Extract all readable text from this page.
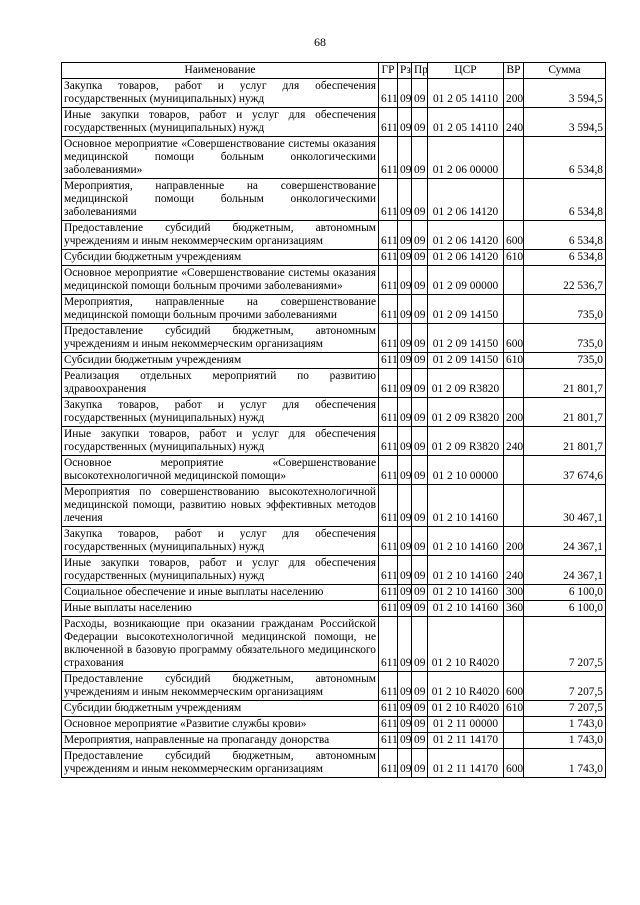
68
Наименование	ГР	Рз	Пр	ЦСР	ВР	Сумма
Закупка товаров, работ и услуг для обеспечения государственных (муниципальных) нужд	611	09	09	01 2 05 14110	200	3 594,5
Иные закупки товаров, работ и услуг для обеспечения государственных (муниципальных) нужд	611	09	09	01 2 05 14110	240	3 594,5
Основное мероприятие «Совершенствование системы оказания медицинской помощи больным онкологическими заболеваниями»	611	09	09	01 2 06 00000		6 534,8
Мероприятия, направленные на совершенствование медицинской помощи больным онкологическими заболеваниями	611	09	09	01 2 06 14120		6 534,8
Предоставление субсидий бюджетным, автономным учреждениям и иным некоммерческим организациям	611	09	09	01 2 06 14120	600	6 534,8
Субсидии бюджетным учреждениям	611	09	09	01 2 06 14120	610	6 534,8
Основное мероприятие «Совершенствование системы оказания медицинской помощи больным прочими заболеваниями»	611	09	09	01 2 09 00000		22 536,7
Мероприятия, направленные на совершенствование медицинской помощи больным прочими заболеваниями	611	09	09	01 2 09 14150		735,0
Предоставление субсидий бюджетным, автономным учреждениям и иным некоммерческим организациям	611	09	09	01 2 09 14150	600	735,0
Субсидии бюджетным учреждениям	611	09	09	01 2 09 14150	610	735,0
Реализация отдельных мероприятий по развитию здравоохранения	611	09	09	01 2 09 R3820		21 801,7
Закупка товаров, работ и услуг для обеспечения государственных (муниципальных) нужд	611	09	09	01 2 09 R3820	200	21 801,7
Иные закупки товаров, работ и услуг для обеспечения государственных (муниципальных) нужд	611	09	09	01 2 09 R3820	240	21 801,7
Основное мероприятие «Совершенствование высокотехнологичной медицинской помощи»	611	09	09	01 2 10 00000		37 674,6
Мероприятия по совершенствованию высокотехнологичной медицинской помощи, развитию новых эффективных методов лечения	611	09	09	01 2 10 14160		30 467,1
Закупка товаров, работ и услуг для обеспечения государственных (муниципальных) нужд	611	09	09	01 2 10 14160	200	24 367,1
Иные закупки товаров, работ и услуг для обеспечения государственных (муниципальных) нужд	611	09	09	01 2 10 14160	240	24 367,1
Социальное обеспечение и иные выплаты населению	611	09	09	01 2 10 14160	300	6 100,0
Иные выплаты населению	611	09	09	01 2 10 14160	360	6 100,0
Расходы, возникающие при оказании гражданам Российской Федерации высокотехнологичной медицинской помощи, не включенной в базовую программу обязательного медицинского страхования	611	09	09	01 2 10 R4020		7 207,5
Предоставление субсидий бюджетным, автономным учреждениям и иным некоммерческим организациям	611	09	09	01 2 10 R4020	600	7 207,5
Субсидии бюджетным учреждениям	611	09	09	01 2 10 R4020	610	7 207,5
Основное мероприятие «Развитие службы крови»	611	09	09	01 2 11 00000		1 743,0
Мероприятия, направленные на пропаганду донорства	611	09	09	01 2 11 14170		1 743,0
Предоставление субсидий бюджетным, автономным учреждениям и иным некоммерческим организациям	611	09	09	01 2 11 14170	600	1 743,0
